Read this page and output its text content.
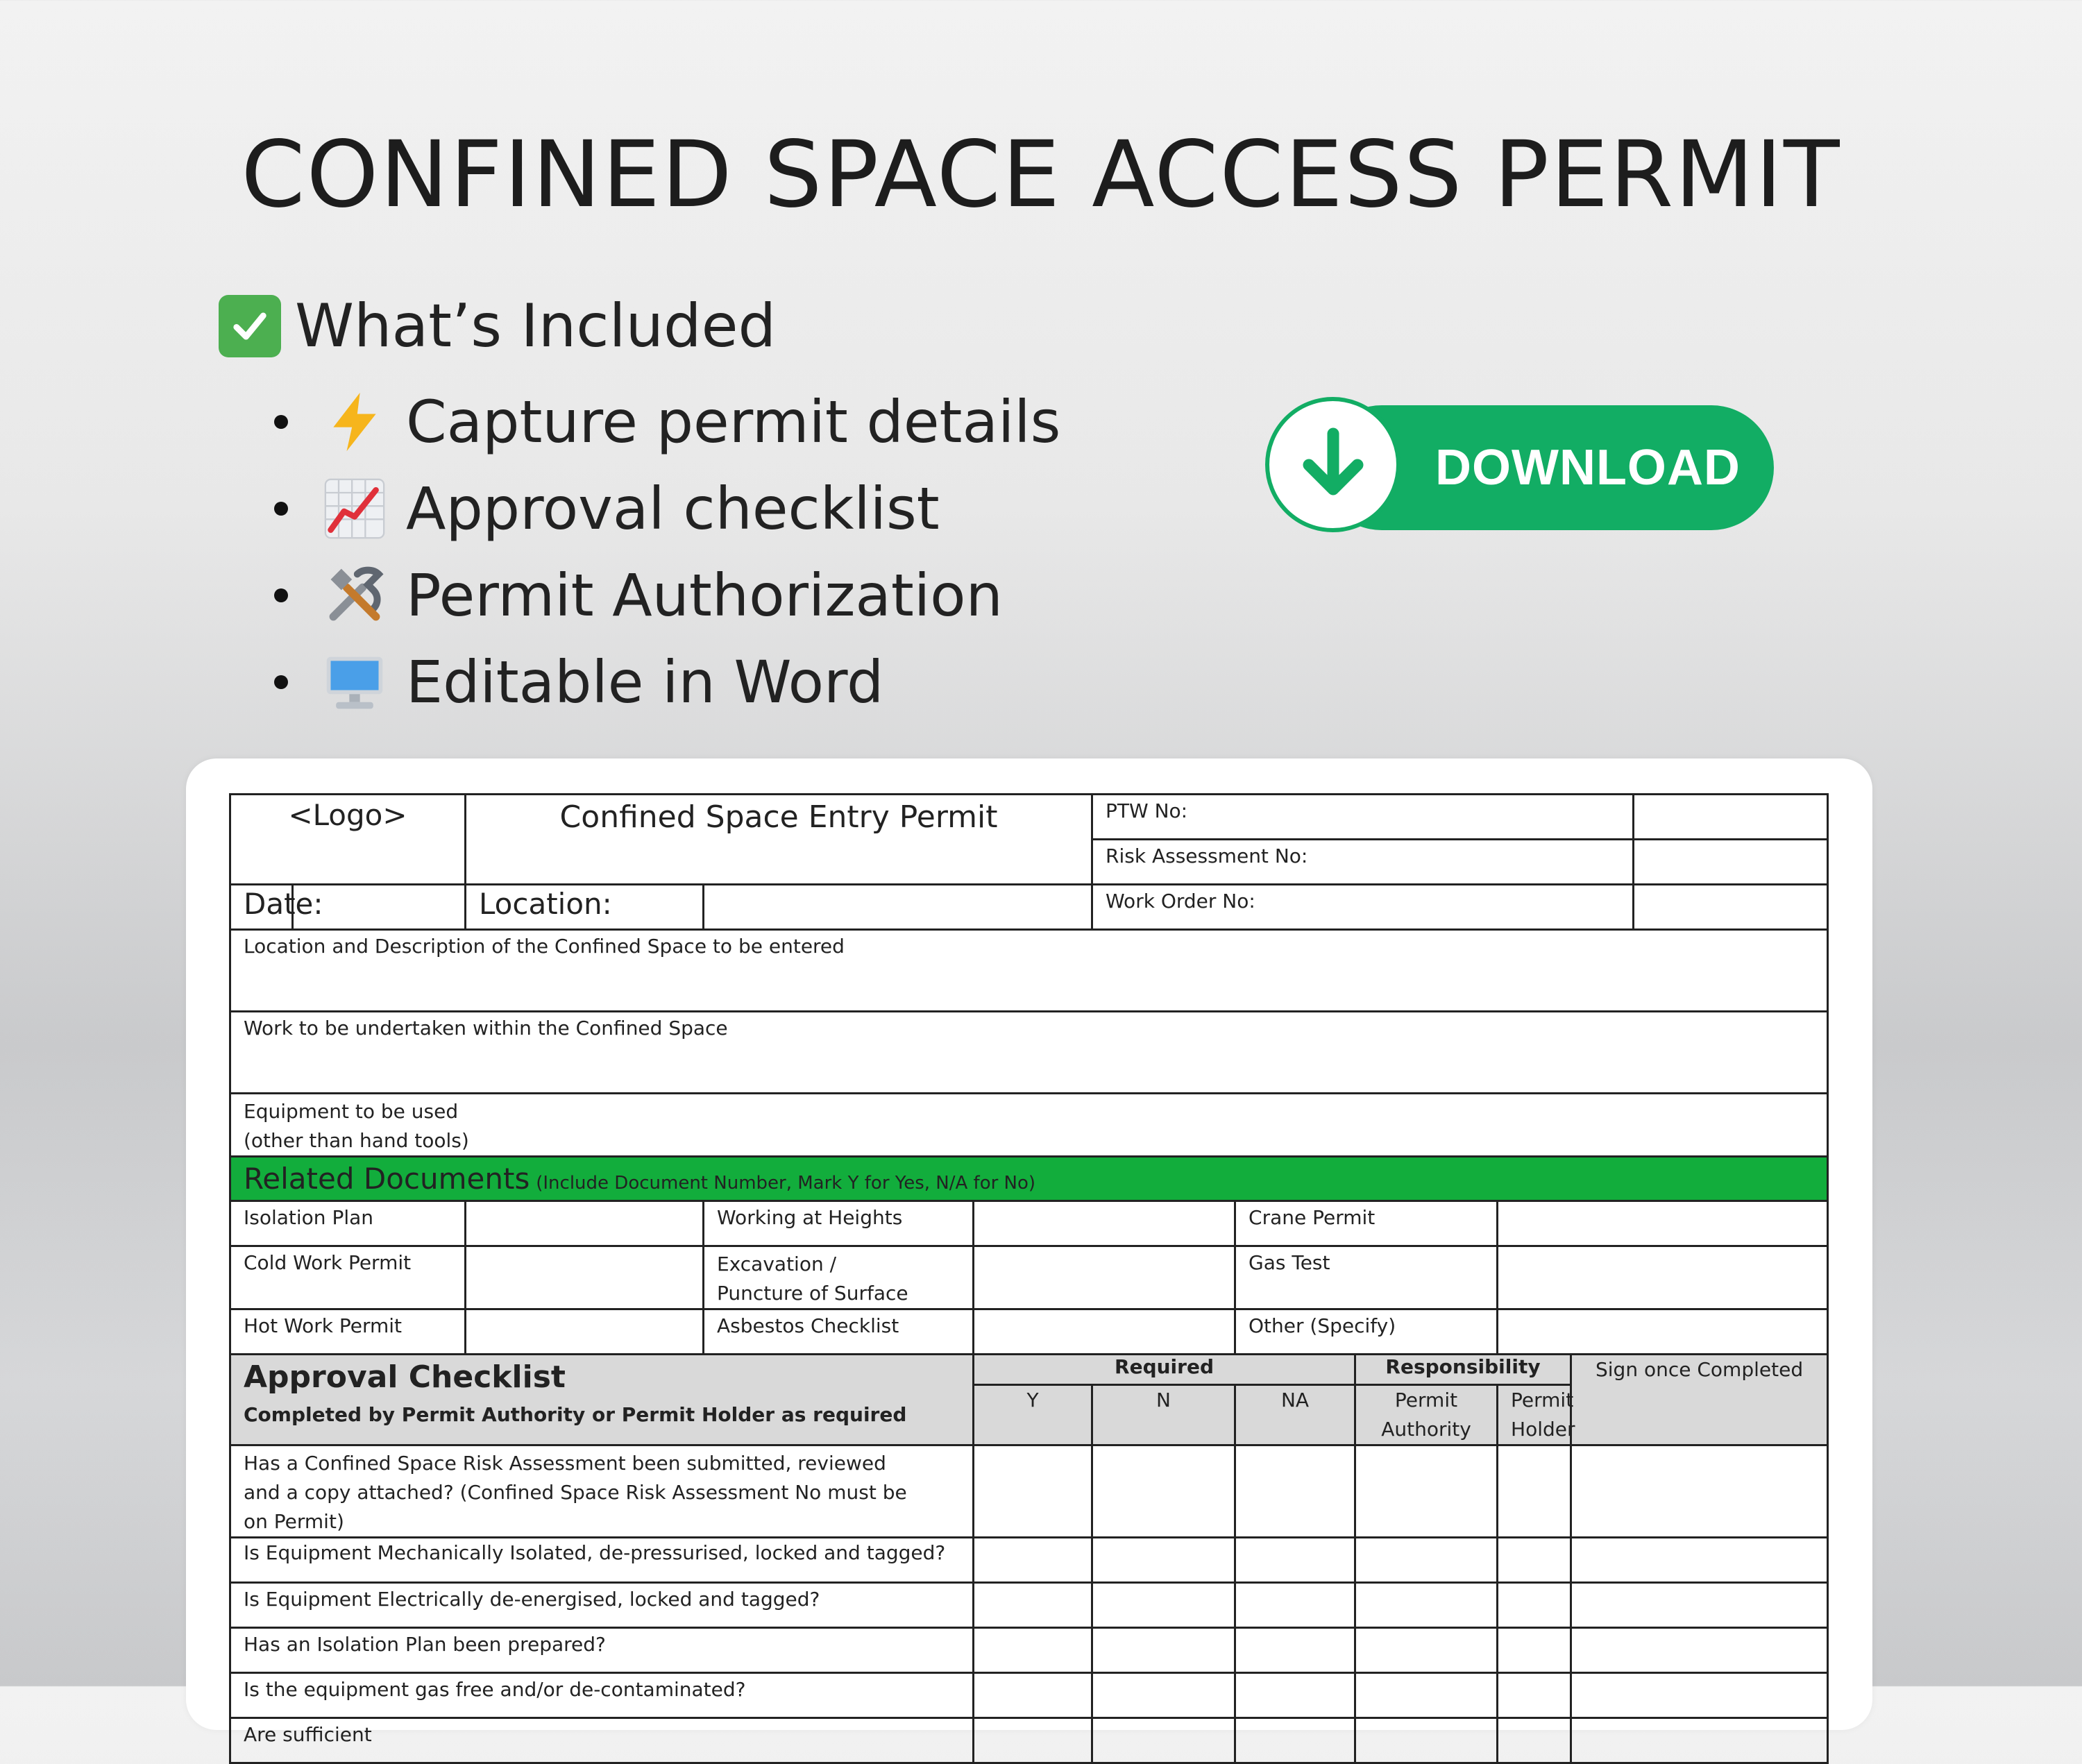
CONFINED SPACE ACCESS PERMIT
What’s Included
Capture permit details
Approval checklist
Permit Authorization
Editable in Word
DOWNLOAD
<Logo>		Confined Space Entry Permit			PTW No:					
					Risk Assessment No:					
Date:		Location:			Work Order No:					
Location and Description of the Confined Space to be entered										
Work to be undertaken within the Confined Space										
Equipment to be used
(other than hand tools)										
Related Documents (Include Document Number, Mark Y for Yes, N/A for No)										
Isolation Plan			Working at Heights			Crane Permit				
Cold Work Permit			Excavation / Puncture of Surface			Gas Test				
Hot Work Permit			Asbestos Checklist			Other (Specify)				

Approval Checklist
Completed by Permit Authority or Permit Holder as required				Required			Responsibility		Sign once Completed	
				Y	N	NA	Permit Authority	Permit Holder		
Has a Confined Space Risk Assessment been submitted, reviewed and a copy attached? (Confined Space Risk Assessment No must be on Permit)										
Is Equipment Mechanically Isolated, de-pressurised, locked and tagged?										
Is Equipment Electrically de-energised, locked and tagged?										
Has an Isolation Plan been prepared?										
Is the equipment gas free and/or de-contaminated?										
Are sufficient										
